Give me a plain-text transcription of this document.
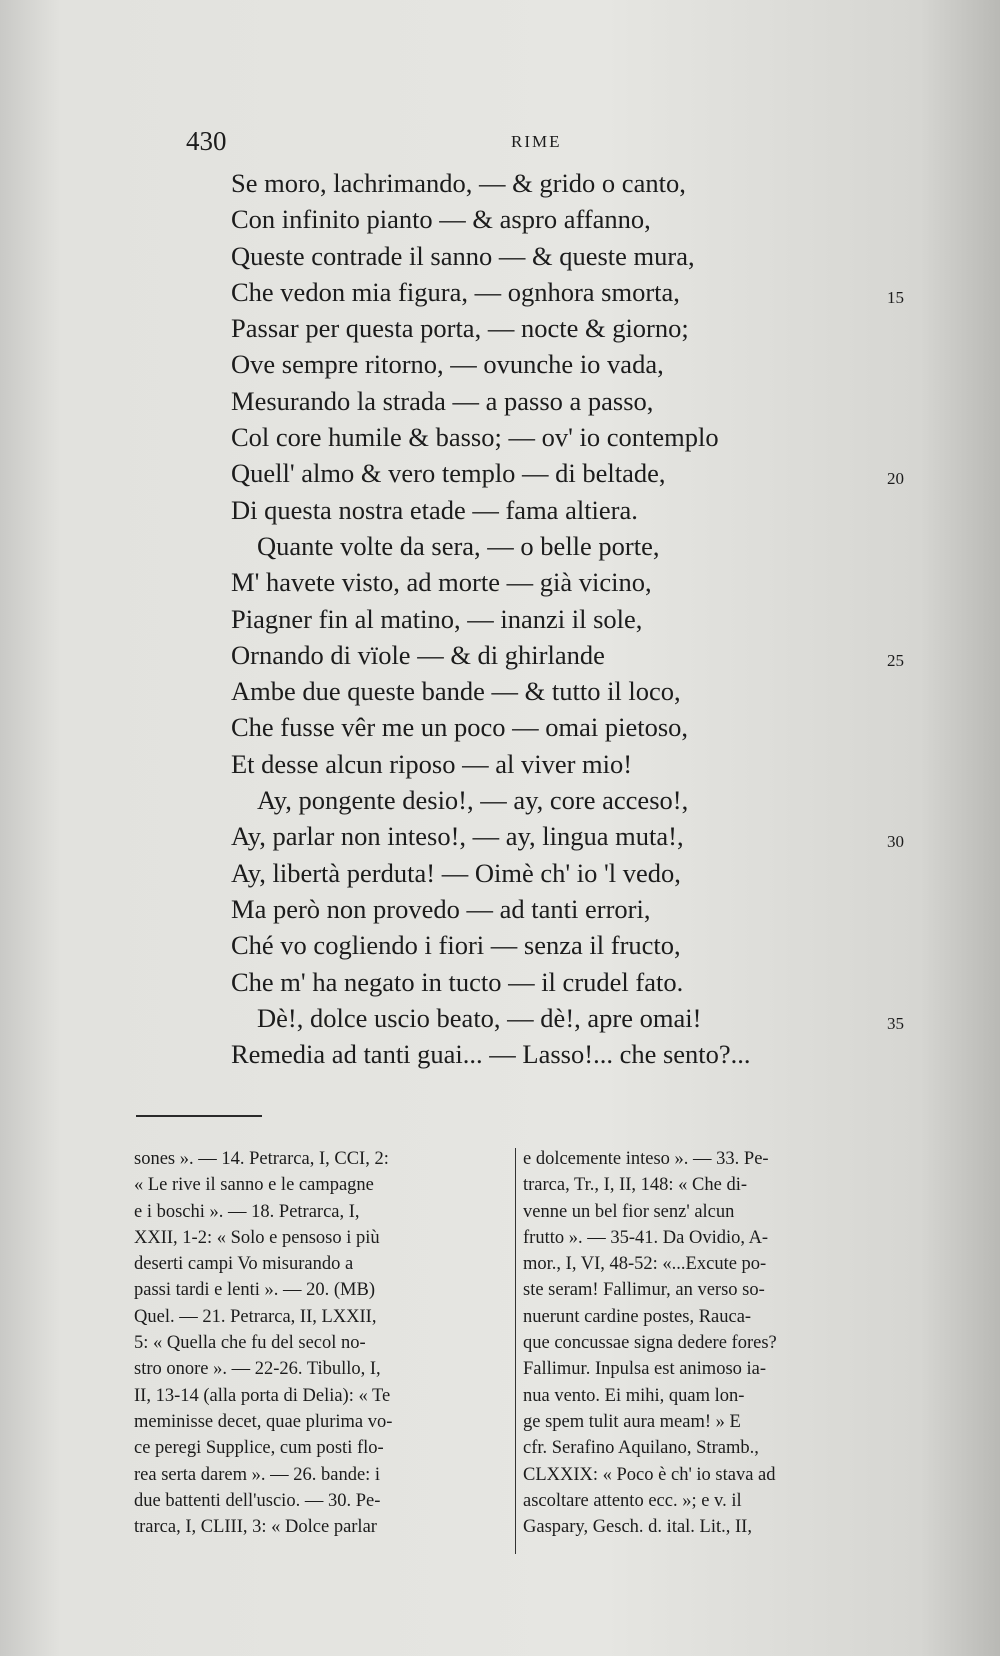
430	RIME
Se moro, lachrimando, — & grido o canto,
Con infinito pianto — & aspro affanno,
Queste contrade il sanno — & queste mura,
Che vedon mia figura, — ognhora smorta,	15
Passar per questa porta, — nocte & giorno;
Ove sempre ritorno, — ovunche io vada,
Mesurando la strada — a passo a passo,
Col core humile & basso; — ov' io contemplo
Quell' almo & vero templo — di beltade,	20
Di questa nostra etade — fama altiera.
Quante volte da sera, — o belle porte,
M' havete visto, ad morte — già vicino,
Piagner fin al matino, — inanzi il sole,
Ornando di vïole — & di ghirlande	25
Ambe due queste bande — & tutto il loco,
Che fusse vêr me un poco — omai pietoso,
Et desse alcun riposo — al viver mio!
Ay, pongente desio!, — ay, core acceso!,
Ay, parlar non inteso!, — ay, lingua muta!,	30
Ay, libertà perduta! — Oimè ch' io 'l vedo,
Ma però non provedo — ad tanti errori,
Ché vo cogliendo i fiori — senza il fructo,
Che m' ha negato in tucto — il crudel fato.
Dè!, dolce uscio beato, — dè!, apre omai!	35
Remedia ad tanti guai... — Lasso!... che sento?...
sones ». — 14. Petrarca, I, CCI, 2:
« Le rive il sanno e le campagne
e i boschi ». — 18. Petrarca, I,
XXII, 1-2: « Solo e pensoso i più
deserti campi Vo misurando a
passi tardi e lenti ». — 20. (MB)
Quel. — 21. Petrarca, II, LXXII,
5: « Quella che fu del secol no-
stro onore ». — 22-26. Tibullo, I,
II, 13-14 (alla porta di Delia): « Te
meminisse decet, quae plurima vo-
ce peregi Supplice, cum posti flo-
rea serta darem ». — 26. bande: i
due battenti dell'uscio. — 30. Pe-
trarca, I, CLIII, 3: « Dolce parlar
e dolcemente inteso ». — 33. Pe-
trarca, Tr., I, II, 148: « Che di-
venne un bel fior senz' alcun
frutto ». — 35-41. Da Ovidio, A-
mor., I, VI, 48-52: «...Excute po-
ste seram! Fallimur, an verso so-
nuerunt cardine postes, Rauca-
que concussae signa dedere fores?
Fallimur. Inpulsa est animoso ia-
nua vento. Ei mihi, quam lon-
ge spem tulit aura meam! » E
cfr. Serafino Aquilano, Stramb.,
CLXXIX: « Poco è ch' io stava ad
ascoltare attento ecc. »; e v. il
Gaspary, Gesch. d. ital. Lit., II,
